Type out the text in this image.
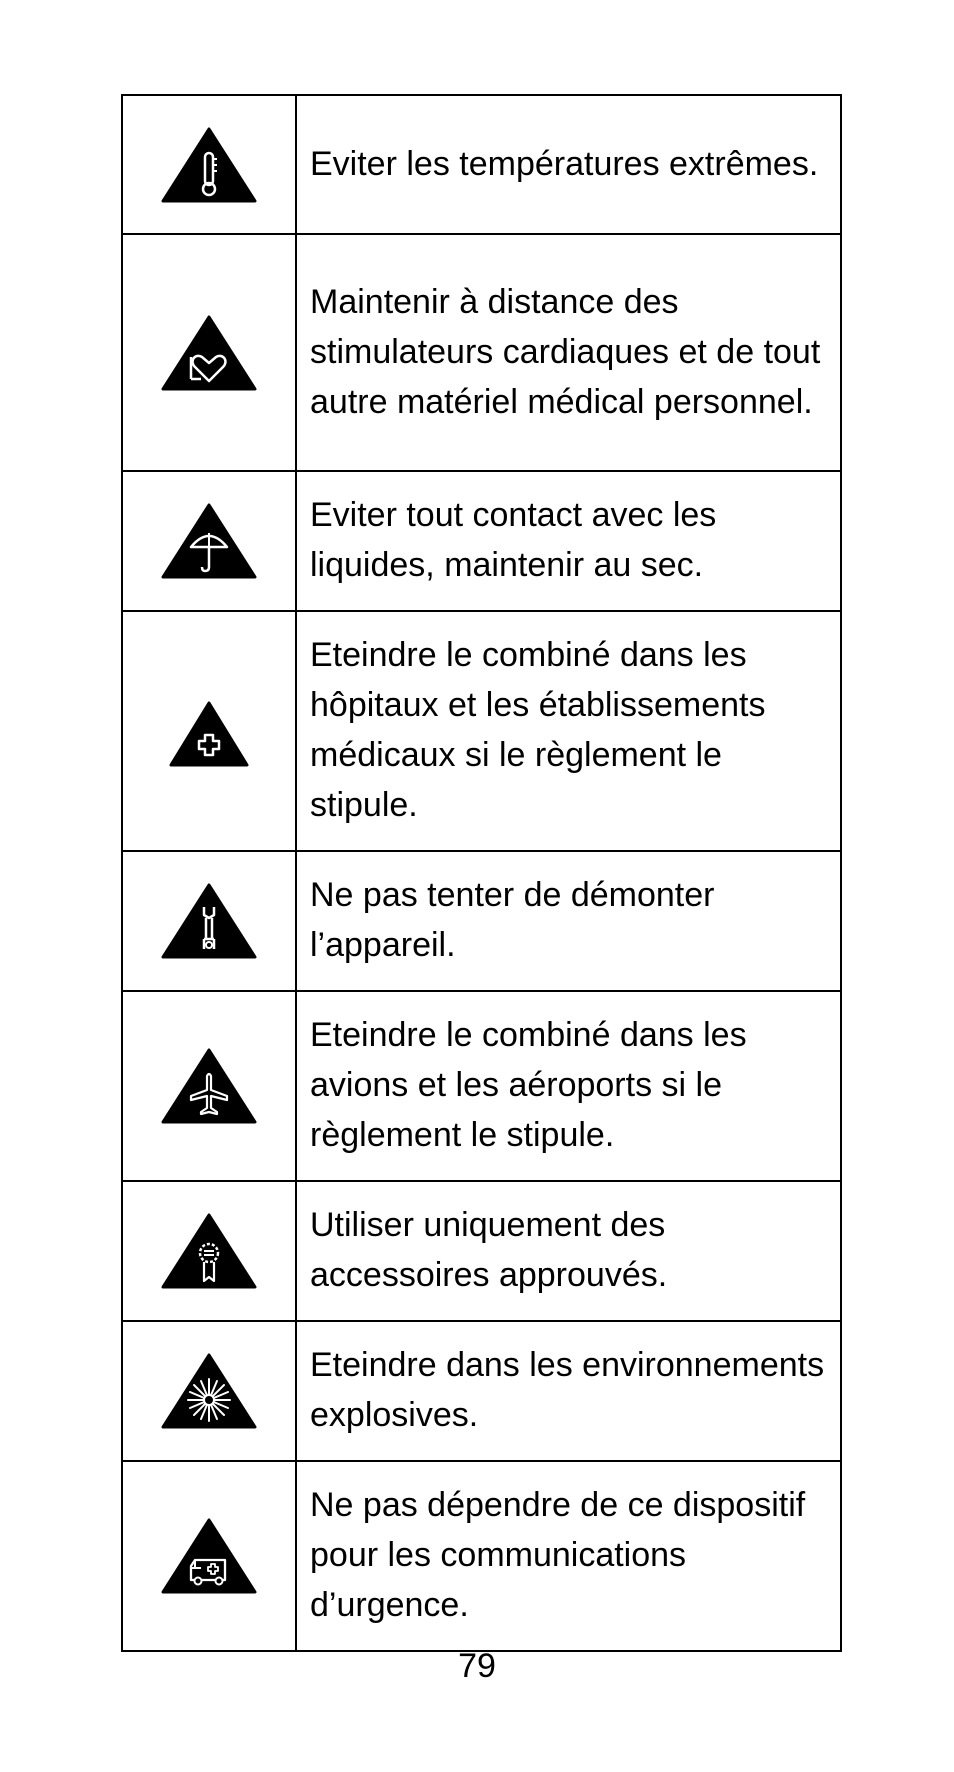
	Eviter les températures extrêmes.

	Maintenir à distance des stimulateurs cardiaques et de tout autre matériel médical personnel.

	Eviter tout contact avec les liquides, maintenir au sec.

	Eteindre le combiné dans les hôpitaux et les établissements médicaux si le règlement le stipule.

	Ne pas tenter de démonter l’appareil.

	Eteindre le combiné dans les avions et les aéroports si le règlement le stipule.

	Utiliser uniquement des accessoires approuvés.

	Eteindre dans les environnements explosives.

	Ne pas dépendre de ce dispositif pour les communications d’urgence.
79
